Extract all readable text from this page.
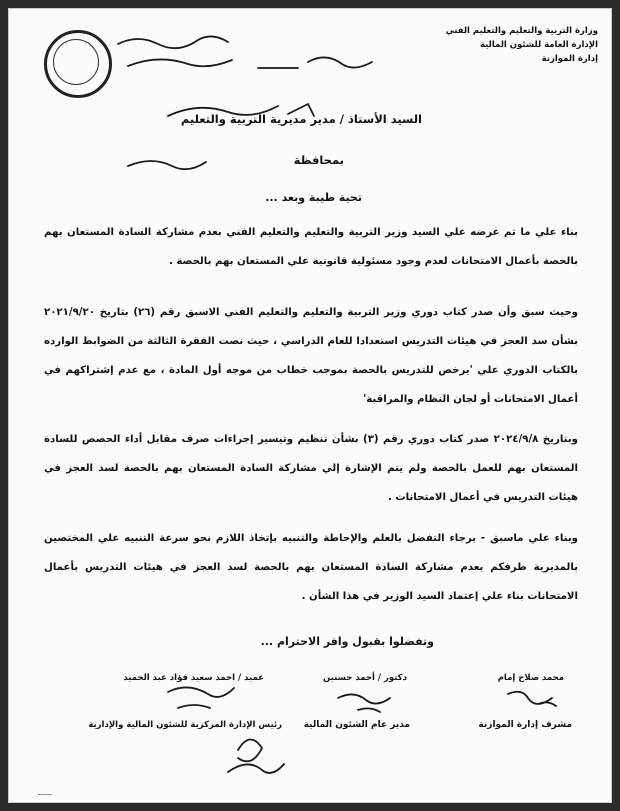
وزارة التربية والتعليم والتعليم الفني
الإدارة العامة للشئون المالية
إدارة الموازنة
السيد الأستاذ / مدير مديرية التربية والتعليم
بمحافظة
تحية طيبة وبعد ...
بناء علي ما تم عرضه علي السيد وزير التربية والتعليم والتعليم الفني بعدم مشاركة السادة المستعان بهم بالحصة بأعمال الامتحانات لعدم وجود مسئولية قانونية علي المستعان بهم بالحصة .
وحيث سبق وأن صدر كتاب دوري وزير التربية والتعليم والتعليم الفني الاسبق رقم (٢٦) بتاريخ ٢٠٢١/٩/٢٠ بشأن سد العجز في هيئات التدريس استعدادا للعام الدراسي ، حيث نصت الفقرة الثالثة من الضوابط الوارده بالكتاب الدوري علي 'يرخص للتدريس بالحصة بموجب خطاب من موجه أول المادة ، مع عدم إشتراكهم في أعمال الامتحانات أو لجان النظام والمراقبة'
وبتاريخ ٢٠٢٤/٩/٨ صدر كتاب دوري رقم (٣) بشأن تنظيم وتيسير إجراءات صرف مقابل أداء الحصص للسادة المستعان بهم للعمل بالحصة ولم يتم الإشارة إلي مشاركة السادة المستعان بهم بالحصة لسد العجز في هيئات التدريس في أعمال الامتحانات .
وبناء علي ماسبق - برجاء التفضل بالعلم والإحاطة والتنبيه بإتخاذ اللازم نحو سرعة التنبيه علي المختصين بالمديرية طرفكم بعدم مشاركة السادة المستعان بهم بالحصة لسد العجز في هيئات التدريس بأعمال الامتحانات بناء علي إعتماد السيد الوزير في هذا الشأن .
وتفضلوا بقبول وافر الاحترام ...
محمد صلاح إمام
مشرف إدارة الموازنة
دكتور / أحمد حسنين
مدير عام الشئون المالية
عميد / احمد سعيد فؤاد عبد الحميد
رئيس الإدارة المركزية للشئون المالية والإدارية
